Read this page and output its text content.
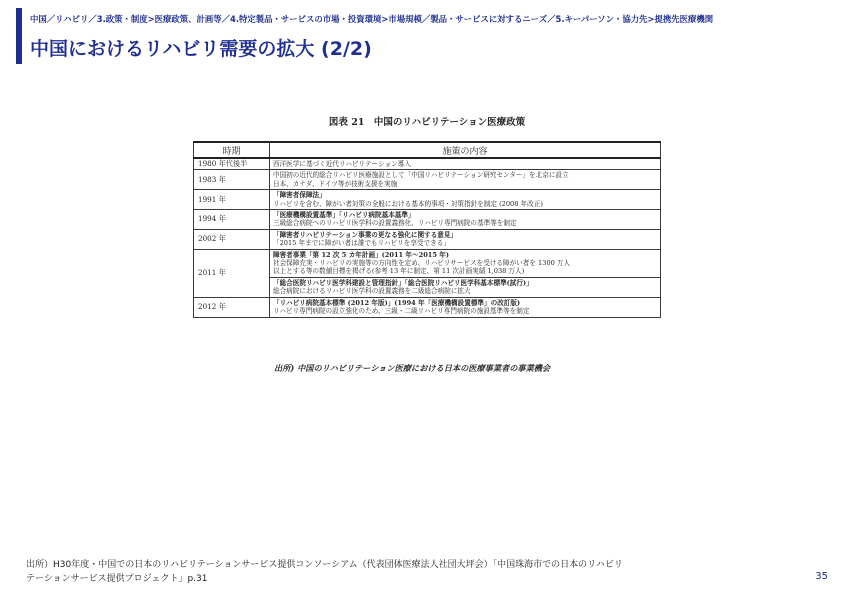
中国／リハビリ／3.政策・制度>医療政策、計画等／4.特定製品・サービスの市場・投資環境>市場規模／製品・サービスに対するニーズ／5.キーパーソン・協力先>提携先医療機関
中国におけるリハビリ需要の拡大 (2/2)
図表 21　中国のリハビリテーション医療政策
時期	施策の内容
1980 年代後半	西洋医学に基づく近代リハビリテーション導入

1983 年	中国初の近代的総合リハビリ医療施設として「中国リハビリテーション研究センター」を北京に設立
日本、カナダ、ドイツ等が技術支援を実施

1991 年	「障害者保障法」
リハビリを含む、障がい者対策の全般における基本的事項・対策指針を制定 (2008 年改正)

1994 年	「医療機構設置基準」「リハビリ病院基本基準」
三級総合病院へのリハビリ医学科の設置義務化、リハビリ専門病院の基準等を制定

2002 年	「障害者リハビリテーション事業の更なる強化に関する意見」
「2015 年までに障がい者は誰でもリハビリを享受できる」

2011 年	障害者事業「第 12 次 5 カ年計画」(2011 年～2015 年)
社会保障充実・リハビリの実施等の方向性を定め、リハビリサービスを受ける障がい者を 1300 万人
以上とする等の数値目標を掲げる(参考 13 年に制定、第 11 次計画実績 1,038 万人)
「総合医院リハビリ医学科建設と管理指針」「総合医院リハビリ医学科基本標準(試行)」
総合病院におけるリハビリ医学科の設置義務を二級総合病院に拡大

2012 年	「リハビリ病院基本標準 (2012 年版)」(1994 年「医療機構設置標準」の改訂版)
リハビリ専門病院の設立強化のため、三級・二級リハビリ専門病院の施設基準等を制定
出所) 中国のリハビリテーション医療における日本の医療事業者の事業機会
出所）H30年度・中国での日本のリハビリテーションサービス提供コンソーシアム（代表団体医療法人社団大坪会）「中国珠海市での日本のリハビリ
テーションサービス提供プロジェクト」p.31	35
